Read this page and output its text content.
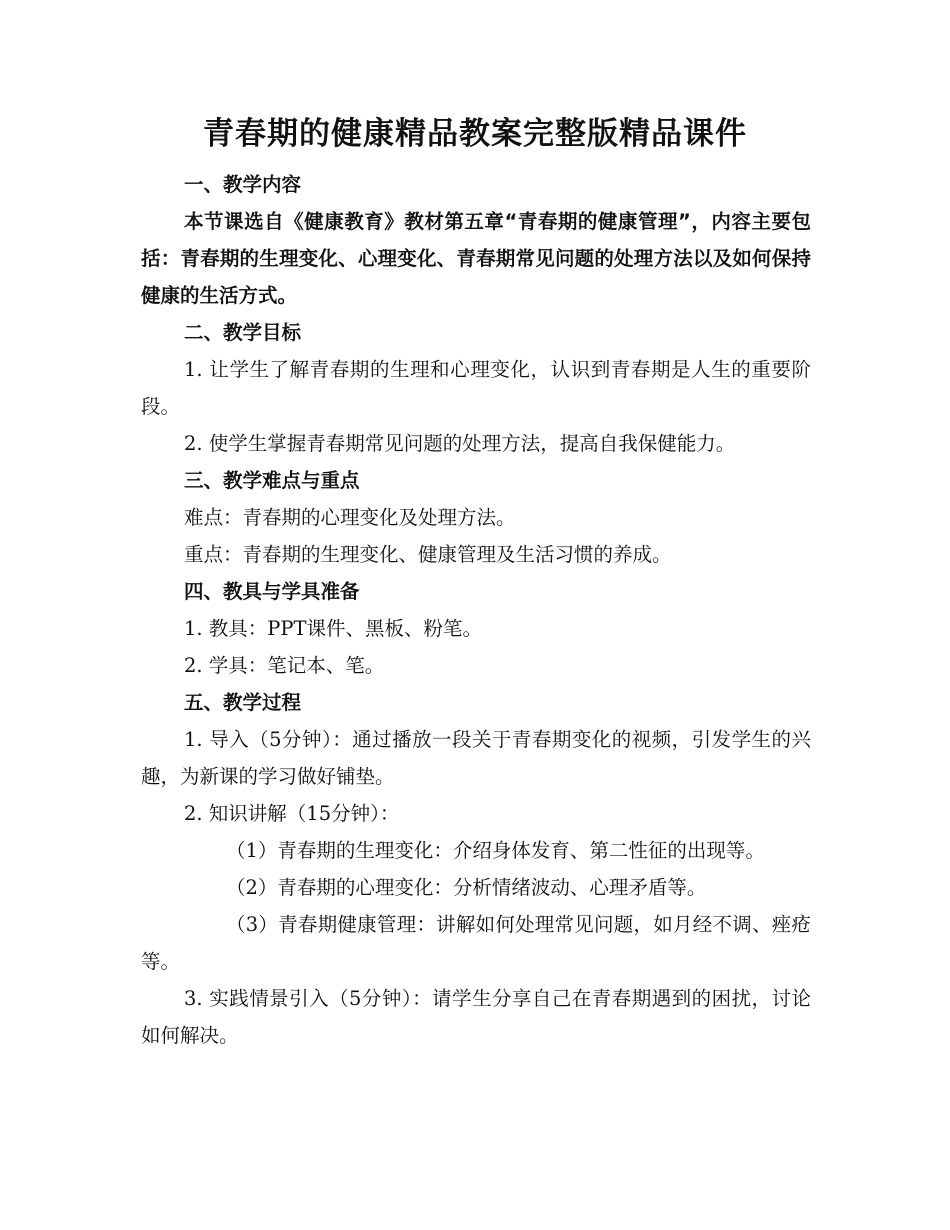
青春期的健康精品教案完整版精品课件

一、教学内容

本节课选自《健康教育》教材第五章“青春期的健康管理”，内容主要包括：青春期的生理变化、心理变化、青春期常见问题的处理方法以及如何保持健康的生活方式。

二、教学目标

1. 让学生了解青春期的生理和心理变化，认识到青春期是人生的重要阶段。

2. 使学生掌握青春期常见问题的处理方法，提高自我保健能力。

三、教学难点与重点

难点：青春期的心理变化及处理方法。

重点：青春期的生理变化、健康管理及生活习惯的养成。

四、教具与学具准备

1. 教具：PPT课件、黑板、粉笔。

2. 学具：笔记本、笔。

五、教学过程

1. 导入（5分钟）：通过播放一段关于青春期变化的视频，引发学生的兴趣，为新课的学习做好铺垫。

2. 知识讲解（15分钟）：

（1）青春期的生理变化：介绍身体发育、第二性征的出现等。

（2）青春期的心理变化：分析情绪波动、心理矛盾等。

（3）青春期健康管理：讲解如何处理常见问题，如月经不调、痤疮等。

3. 实践情景引入（5分钟）：请学生分享自己在青春期遇到的困扰，讨论如何解决。
